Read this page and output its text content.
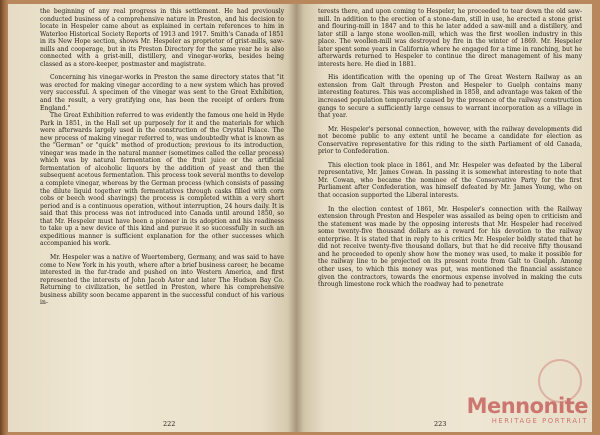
the beginning of any real progress in this settlement. He had previously conducted business of a comprehensive nature in Preston, and his decision to locate in Hespeler came about as explained in certain references to him in Waterloo Historical Society Reports of 1913 and 1917. Smith's Canada of 1851 in its New Hope section, shows Mr. Hespeler as proprietor of grist-mills, saw-mills and cooperage, but in its Preston Directory for the same year he is also connected with a grist-mill, distillery, and vinegar-works, besides being classed as a store-keeper, postmaster and magistrate.

Concerning his vinegar-works in Preston the same directory states that "it was erected for making vinegar according to a new system which has proved very successful. A specimen of the vinegar was sent to the Great Exhibition, and the result, a very gratifying one, has been the receipt of orders from England."

The Great Exhibition referred to was evidently the famous one held in Hyde Park in 1851, in the Hall set up purposely for it and the materials for which were afterwards largely used in the construction of the Crystal Palace. The new process of making vinegar referred to, was undoubtedly what is known as the "German" or "quick" method of production; previous to its introduction, vinegar was made in the natural manner (sometimes called the cellar process) which was by natural fermentation of the fruit juice or the artificial fermentation of alcoholic liquors by the addition of yeast and then the subsequent acetous fermentation. This process took several months to develop a complete vinegar, whereas by the German process (which consists of passing the dilute liquid together with fermentatives through casks filled with corn cobs or beech wood shavings) the process is completed within a very short period and is a continuous operation, without interruption, 24 hours daily. It is said that this process was not introduced into Canada until around 1850, so that Mr. Hespeler must have been a pioneer in its adoption and his readiness to take up a new device of this kind and pursue it so successfully in such an expeditious manner is sufficient explanation for the other successes which accompanied his work.

Mr. Hespeler was a native of Wuertemberg, Germany, and was said to have come to New York in his youth, where after a brief business career, he became interested in the fur-trade and pushed on into Western America, and first represented the interests of John Jacob Astor and later The Hudson Bay Co. Returning to civilization, he settled in Preston, where his comprehensive business ability soon became apparent in the successful conduct of his various in-

222

terests there, and upon coming to Hespeler, he proceeded to tear down the old saw-mill. In addition to the erection of a stone-dam, still in use, he erected a stone grist and flouring-mill in 1847 and to this he later added a saw-mill and a distillery, and later still a large stone woollen-mill, which was the first woollen industry in this place. The woollen-mill was destroyed by fire in the winter of 1869. Mr. Hespeler later spent some years in California where he engaged for a time in ranching, but he afterwards returned to Hespeler to continue the direct management of his many interests here. He died in 1881.

His identification with the opening up of The Great Western Railway as an extension from Galt through Preston and Hespeler to Guelph contains many interesting features. This was accomplished in 1858, and advantage was taken of the increased population temporarily caused by the presence of the railway construction gangs to secure a sufficiently large census to warrant incorporation as a village in that year.

Mr. Hespeler's personal connection, however, with the railway developments did not become public to any extent until he became a candidate for election as Conservative representative for this riding to the sixth Parliament of old Canada, prior to Confederation.

This election took place in 1861, and Mr. Hespeler was defeated by the Liberal representative, Mr. James Cowan. In passing it is somewhat interesting to note that Mr. Cowan, who became the nominee of the Conservative Party for the first Parliament after Confederation, was himself defeated by Mr. James Young, who on that occasion supported the Liberal interests.

In the election contest of 1861, Mr. Hespeler's connection with the Railway extension through Preston and Hespeler was assailed as being open to criticism and the statement was made by the opposing interests that Mr. Hespeler had received some twenty-five thousand dollars as a reward for his devotion to the railway enterprise. It is stated that in reply to his critics Mr. Hespeler boldly stated that he did not receive twenty-five thousand dollars, but that he did receive fifty thousand and he proceeded to openly show how the money was used, to make it possible for the railway line to be projected on its present route from Galt to Guelph. Among other uses, to which this money was put, was mentioned the financial assistance given the contractors, towards the enormous expense involved in making the cuts through limestone rock which the roadway had to penetrate

223
Mennonite
HERITAGE PORTRAIT
